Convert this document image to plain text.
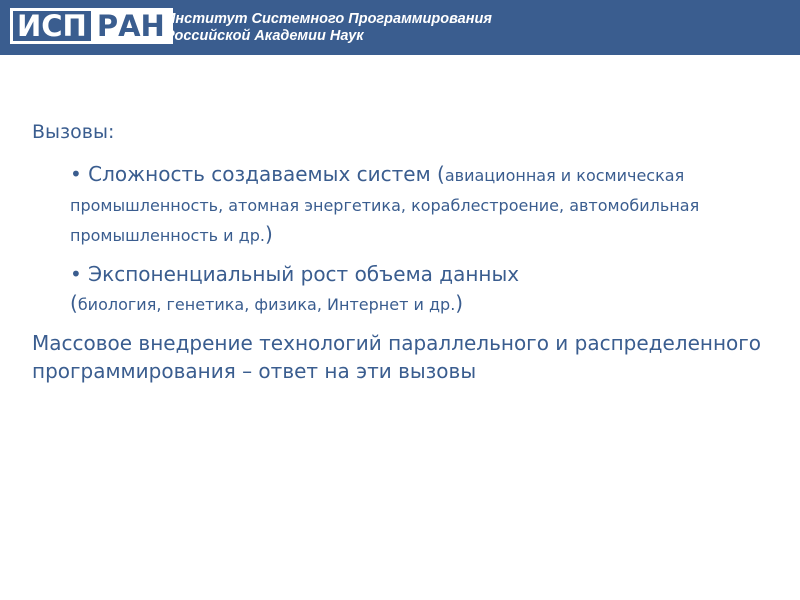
ИСП РАН Институт Системного Программирования
Российской Академии Наук
Вызовы:
• Сложность создаваемых систем (авиационная и космическая промышленность, атомная энергетика, кораблестроение, автомобильная промышленность и др.)
• Экспоненциальный рост объема данных
(биология, генетика, физика, Интернет и др.)
Массовое внедрение технологий параллельного и распределенного программирования – ответ на эти вызовы
